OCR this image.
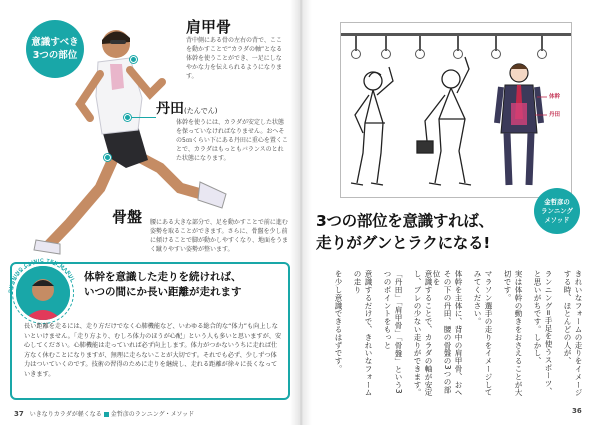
意識すべき
3つの部位
肩甲骨
背中側にある骨の左右の背で、ここを動かすことで“カラダの軸”となる体幹を使うことができ、一足にしなやかな力を伝えられるようになります。
丹田(たんでん)
体幹を使うには、カラダが安定した状態を保っていなければなりません。おへその5㎝くらい下にある丹田に重心を置くことで、カラダはもっともバランスのとれた状態になります。
骨盤 腰にある大きな部分で、足を動かすことで前に進む姿勢を取ることができます。さらに、骨盤を少し前に傾けることで脚が動かしやすくなり、地面をうまく蹴りやすい姿勢が整います。
RUNNING CLINIC TEN MARUI 体幹を意識した走りを続ければ、
いつの間にか長い距離が走れます
長い距離を走るには、走り方だけでなく心肺機能など、いわゆる総合的な“体力”も向上しないといけません。「走り方より、むしろ体力のほうが心配」という人も多いと思いますが、安心してください。心肺機能は走っていれば必ず向上します。体力がつかないうちに走れば仕方なく休むことになりますが、無理に走らないことが大切です。それでも必ず、少しずつ体力はついていくのです。技術の習得のために走りを継続し、走れる距離が徐々に長くなっていきます。
37 いきなりカラダが軽くなる 金哲彦のランニング・メソッド
体幹
丹田
金哲彦の
ランニング
メソッド
3つの部位を意識すれば、
走りがグンとラクになる!
きれいなフォームの走りをイメージする時、ほとんどの人が、
ランニング=手足を使うスポーツ、と思いがちです。しかし、
実は体幹の動きをおさえることが大切です。
マラソン選手の走りをイメージしてみてください。
体幹を主体に、背中の肩甲骨、おへその下の丹田、腰の骨盤の3つの部位を
意識することで、カラダの軸が安定し、ブレの少ない走りができます。
「丹田」「肩甲骨」「骨盤」という3つのポイントをもっと
意識するだけで、きれいなフォームの走り
を少し意識できるはずです。
36
